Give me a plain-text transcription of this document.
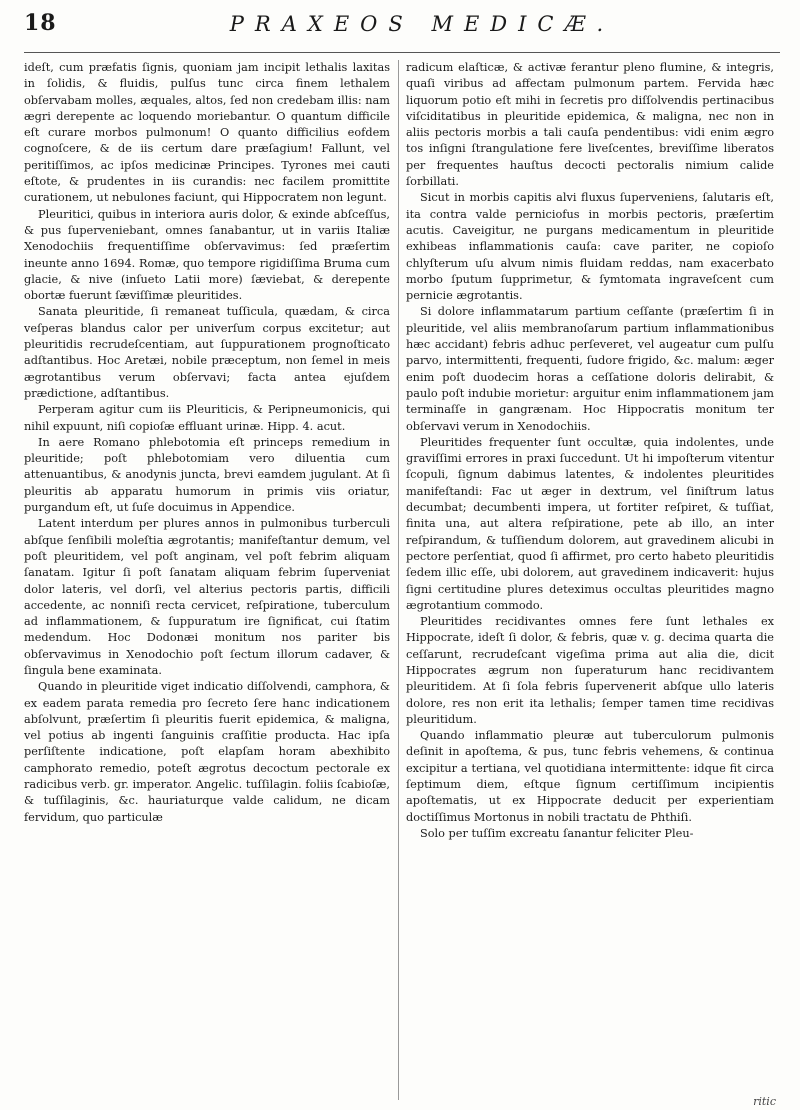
18	PRAXEOS MEDICÆ.

ideſt, cum præfatis ſignis, quoniam jam incipit lethalis laxitas in ſolidis, & fluidis, pulſus tunc circa finem lethalem obſervabam molles, æquales, altos, ſed non credebam illis: nam ægri derepente ac loquendo moriebantur. O quantum difficile eſt curare morbos pulmonum! O quanto difficilius eofdem cognoſcere, & de iis certum dare præſagium! Fallunt, vel peritiſſimos, ac ipſos medicinæ Principes. Tyrones mei cauti eſtote, & prudentes in iis curandis: nec facilem promittite curationem, ut nebulones faciunt, qui Hippocratem non legunt.

Pleuritici, quibus in interiora auris dolor, & exinde abſceſſus, & pus ſuperveniebant, omnes ſanabantur, ut in variis Italiæ Xenodochiis frequentiſſime obſervavimus: ſed præſertim ineunte anno 1694. Romæ, quo tempore rigidiſſima Bruma cum glacie, & nive (inſueto Latii more) ſæviebat, & derepente obortæ fuerunt ſæviſſimæ pleuritides.

Sanata pleuritide, ſi remaneat tuſſicula, quædam, & circa veſperas blandus calor per univerſum corpus excitetur; aut pleuritidis recrudeſcentiam, aut ſuppurationem prognoſticato adſtantibus. Hoc Aretæi, nobile præceptum, non ſemel in meis ægrotantibus verum obſervavi; facta antea ejuſdem prædictione, adſtantibus.

Perperam agitur cum iis Pleuriticis, & Peripneumonicis, qui nihil expuunt, niſi copioſæ effluant urinæ. Hipp. 4. acut.

In aere Romano phlebotomia eſt princeps remedium in pleuritide; poſt phlebotomiam vero diluentia cum attenuantibus, & anodynis juncta, brevi eamdem jugulant. At ſi pleuritis ab apparatu humorum in primis viis oriatur, purgandum eſt, ut ſuſe docuimus in Appendice.

Latent interdum per plures annos in pulmonibus turberculi abſque ſenſibili moleſtia ægrotantis; manifeſtantur demum, vel poſt pleuritidem, vel poſt anginam, vel poſt febrim aliquam ſanatam. Igitur ſi poſt ſanatam aliquam febrim ſuperveniat dolor lateris, vel dorſi, vel alterius pectoris partis, difficili accedente, ac nonniſi recta cervicet, reſpiratione, tuberculum ad inflammationem, & ſuppuratum ire ſignificat, cui ſtatim medendum. Hoc Dodonæi monitum nos pariter bis obſervavimus in Xenodochio poſt ſectum illorum cadaver, & ſingula bene examinata.

Quando in pleuritide viget indicatio diſſolvendi, camphora, & ex eadem parata remedia pro ſecreto ſere hanc indicationem abſolvunt, præſertim ſi pleuritis fuerit epidemica, & maligna, vel potius ab ingenti ſanguinis craſſitie producta. Hac ipſa perſiſtente indicatione, poſt elapſam horam abexhibito camphorato remedio, poteſt ægrotus decoctum pectorale ex radicibus verb. gr. imperator. Angelic. tuſſilagin. foliis ſcabioſæ, & tuſſilaginis, &c. hauriaturque valde calidum, ne dicam fervidum, quo particulæ

radicum elaſticæ, & activæ ferantur pleno flumine, & integris, quaſi viribus ad affectam pulmonum partem. Fervida hæc liquorum potio eſt mihi in ſecretis pro diſſolvendis pertinacibus viſciditatibus in pleuritide epidemica, & maligna, nec non in aliis pectoris morbis a tali cauſa pendentibus: vidi enim ægro tos inſigni ſtrangulatione fere liveſcentes, breviſſime liberatos per frequentes hauſtus decocti pectoralis nimium calide ſorbillati.

Sicut in morbis capitis alvi fluxus ſuperveniens, ſalutaris eſt, ita contra valde perniciofus in morbis pectoris, præſertim acutis. Caveigitur, ne purgans medicamentum in pleuritide exhibeas inflammationis cauſa: cave pariter, ne copioſo chlyſterum uſu alvum nimis fluidam reddas, nam exacerbato morbo ſputum ſupprimetur, & ſymtomata ingraveſcent cum pernicie ægrotantis.

Si dolore inflammatarum partium ceſſante (præſertim ſi in pleuritide, vel aliis membranoſarum partium inflammationibus hæc accidant) febris adhuc perſeveret, vel augeatur cum pulſu parvo, intermittenti, frequenti, ſudore frigido, &c. malum: æger enim poſt duodecim horas a ceſſatione doloris delirabit, & paulo poſt indubie morietur: arguitur enim inflammationem jam terminaſſe in gangrænam. Hoc Hippocratis monitum ter obſervavi verum in Xenodochiis.

Pleuritides frequenter ſunt occultæ, quia indolentes, unde graviſſimi errores in praxi ſuccedunt. Ut hi impoſterum vitentur ſcopuli, ſignum dabimus latentes, & indolentes pleuritides manifeſtandi: Fac ut æger in dextrum, vel ſiniſtrum latus decumbat; decumbenti impera, ut fortiter reſpiret, & tuſſiat, finita una, aut altera reſpiratione, pete ab illo, an inter reſpirandum, & tuſſiendum dolorem, aut gravedinem alicubi in pectore perſentiat, quod ſi affirmet, pro certo habeto pleuritidis ſedem illic eſſe, ubi dolorem, aut gravedinem indicaverit: hujus ſigni certitudine plures deteximus occultas pleuritides magno ægrotantium commodo.

Pleuritides recidivantes omnes fere ſunt lethales ex Hippocrate, ideſt ſi dolor, & febris, quæ v. g. decima quarta die ceſſarunt, recrudeſcant vigeſima prima aut alia die, dicit Hippocrates ægrum non ſuperaturum hanc recidivantem pleuritidem. At ſi ſola febris ſupervenerit abſque ullo lateris dolore, res non erit ita lethalis; ſemper tamen time recidivas pleuritidum.

Quando inflammatio pleuræ aut tuberculorum pulmonis deſinit in apoſtema, & pus, tunc febris vehemens, & continua excipitur a tertiana, vel quotidiana intermittente: idque fit circa ſeptimum diem, eſtque ſignum certiſſimum incipientis apoſtematis, ut ex Hippocrate deducit per experientiam doctiſſimus Mortonus in nobili tractatu de Phthiſi.

Solo per tuſſim excreatu ſanantur feliciter Pleu-

ritic
